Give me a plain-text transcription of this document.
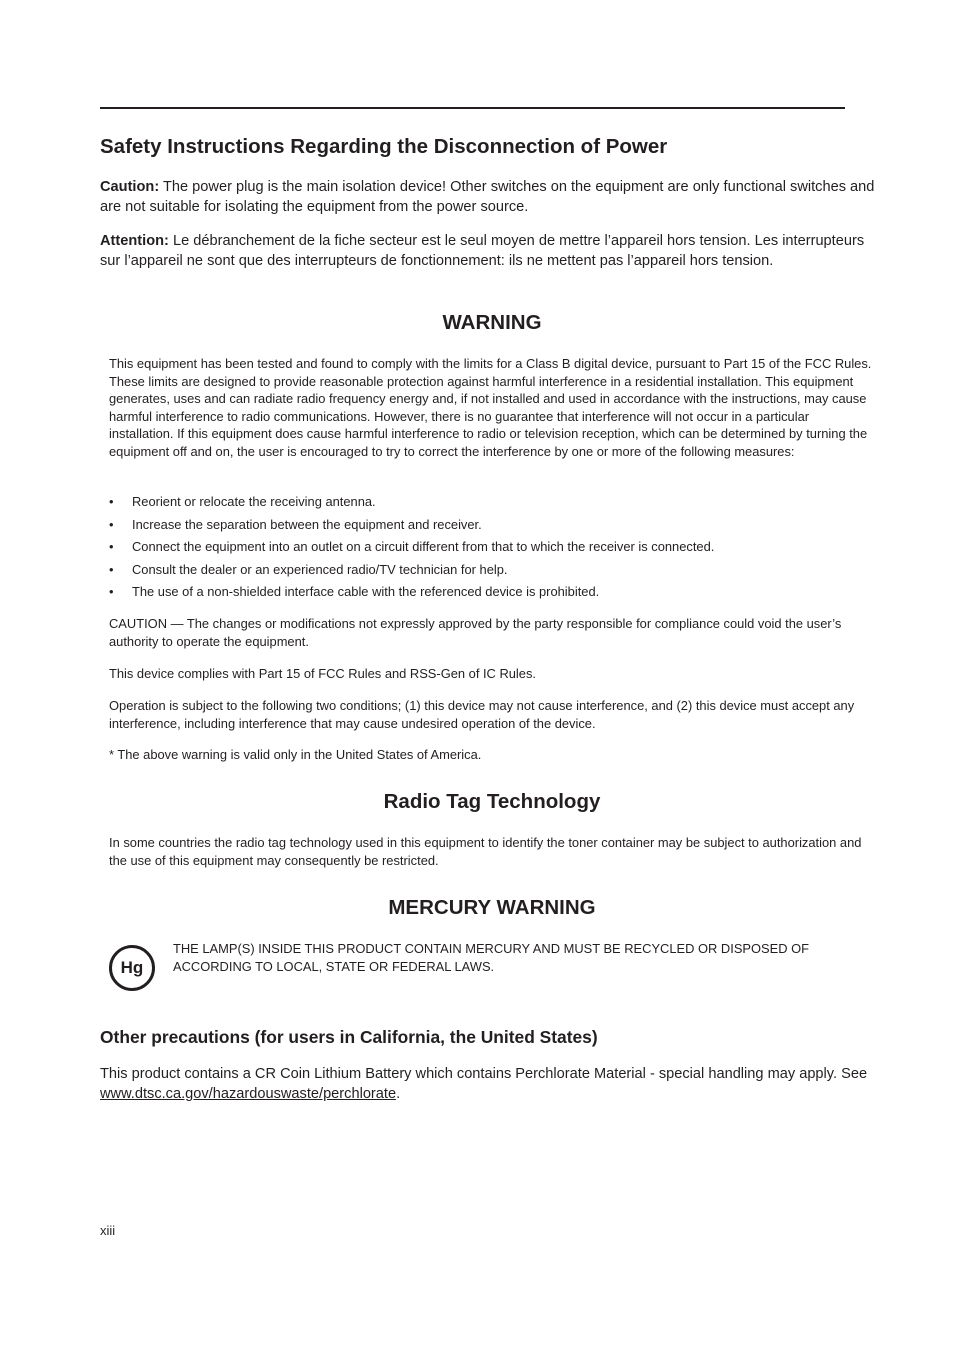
Safety Instructions Regarding the Disconnection of Power

Caution: The power plug is the main isolation device! Other switches on the equipment are only functional switches and are not suitable for isolating the equipment from the power source.

Attention: Le débranchement de la fiche secteur est le seul moyen de mettre l’appareil hors tension. Les interrupteurs sur l’appareil ne sont que des interrupteurs de fonctionnement: ils ne mettent pas l’appareil hors tension.

WARNING

This equipment has been tested and found to comply with the limits for a Class B digital device, pursuant to Part 15 of the FCC Rules. These limits are designed to provide reasonable protection against harmful interference in a residential installation. This equipment generates, uses and can radiate radio frequency energy and, if not installed and used in accordance with the instructions, may cause harmful interference to radio communications. However, there is no guarantee that interference will not occur in a particular installation. If this equipment does cause harmful interference to radio or television reception, which can be determined by turning the equipment off and on, the user is encouraged to try to correct the interference by one or more of the following measures:

• Reorient or relocate the receiving antenna.
• Increase the separation between the equipment and receiver.
• Connect the equipment into an outlet on a circuit different from that to which the receiver is connected.
• Consult the dealer or an experienced radio/TV technician for help.
• The use of a non-shielded interface cable with the referenced device is prohibited.

CAUTION — The changes or modifications not expressly approved by the party responsible for compliance could void the user’s authority to operate the equipment.

This device complies with Part 15 of FCC Rules and RSS-Gen of IC Rules.

Operation is subject to the following two conditions; (1) this device may not cause interference, and (2) this device must accept any interference, including interference that may cause undesired operation of the device.

* The above warning is valid only in the United States of America.

Radio Tag Technology

In some countries the radio tag technology used in this equipment to identify the toner container may be subject to authorization and the use of this equipment may consequently be restricted.

MERCURY WARNING
Hg

THE LAMP(S) INSIDE THIS PRODUCT CONTAIN MERCURY AND MUST BE RECYCLED OR DISPOSED OF ACCORDING TO LOCAL, STATE OR FEDERAL LAWS.

Other precautions (for users in California, the United States)

This product contains a CR Coin Lithium Battery which contains Perchlorate Material - special handling may apply. See www.dtsc.ca.gov/hazardouswaste/perchlorate.

xiii
